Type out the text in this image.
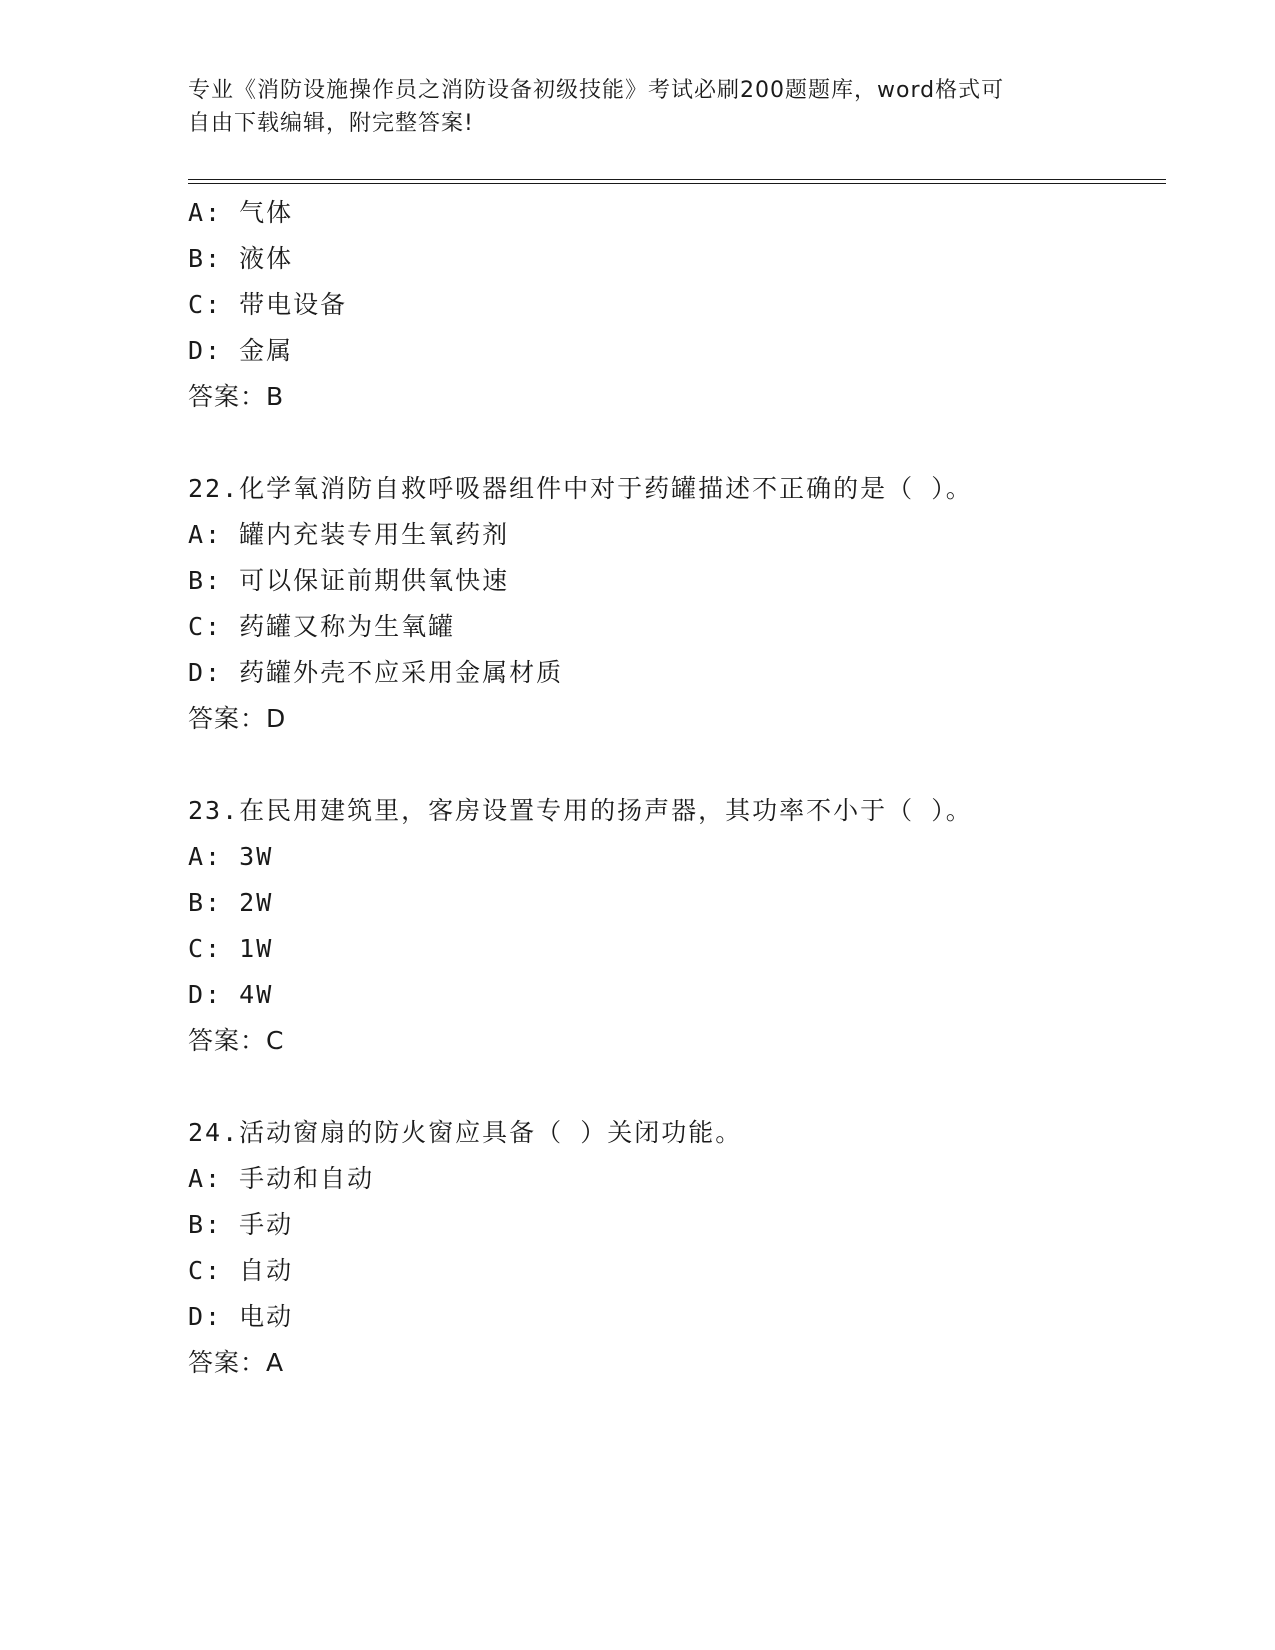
专业《消防设施操作员之消防设备初级技能》考试必刷200题题库，word格式可
自由下载编辑，附完整答案!
A: 气体
B: 液体
C: 带电设备
D: 金属
答案：B
22.化学氧消防自救呼吸器组件中对于药罐描述不正确的是（ ）。
A: 罐内充装专用生氧药剂
B: 可以保证前期供氧快速
C: 药罐又称为生氧罐
D: 药罐外壳不应采用金属材质
答案：D
23.在民用建筑里，客房设置专用的扬声器，其功率不小于（ ）。
A: 3W
B: 2W
C: 1W
D: 4W
答案：C
24.活动窗扇的防火窗应具备（ ）关闭功能。
A: 手动和自动
B: 手动
C: 自动
D: 电动
答案：A
